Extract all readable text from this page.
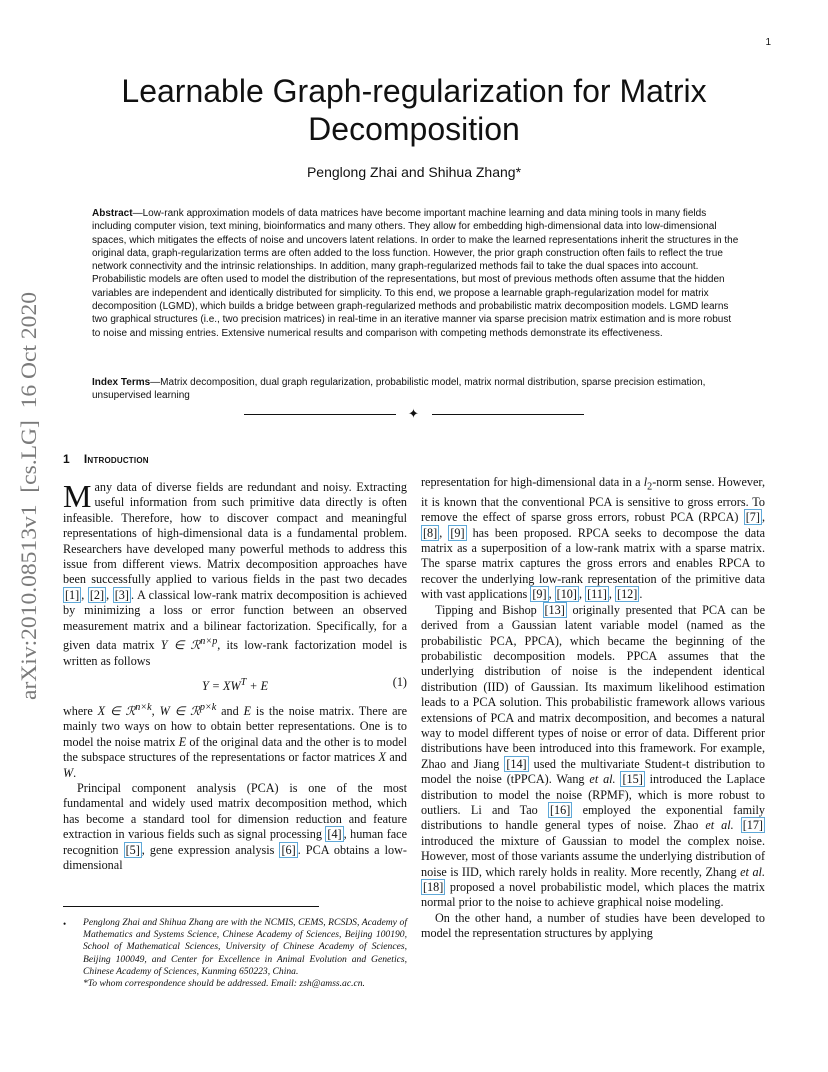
1
arXiv:2010.08513v1  [cs.LG]  16 Oct 2020
Learnable Graph-regularization for Matrix Decomposition
Penglong Zhai and Shihua Zhang*

Abstract—Low-rank approximation models of data matrices have become important machine learning and data mining tools in many fields including computer vision, text mining, bioinformatics and many others. They allow for embedding high-dimensional data into low-dimensional spaces, which mitigates the effects of noise and uncovers latent relations. In order to make the learned representations inherit the structures in the original data, graph-regularization terms are often added to the loss function. However, the prior graph construction often fails to reflect the true network connectivity and the intrinsic relationships. In addition, many graph-regularized methods fail to take the dual spaces into account. Probabilistic models are often used to model the distribution of the representations, but most of previous methods often assume that the hidden variables are independent and identically distributed for simplicity. To this end, we propose a learnable graph-regularization model for matrix decomposition (LGMD), which builds a bridge between graph-regularized methods and probabilistic matrix decomposition models. LGMD learns two graphical structures (i.e., two precision matrices) in real-time in an iterative manner via sparse precision matrix estimation and is more robust to noise and missing entries. Extensive numerical results and comparison with competing methods demonstrate its effectiveness.

Index Terms—Matrix decomposition, dual graph regularization, probabilistic model, matrix normal distribution, sparse precision estimation, unsupervised learning

✦
1 Introduction

Many data of diverse fields are redundant and noisy. Extracting useful information from such primitive data directly is often infeasible. Therefore, how to discover compact and meaningful representations of high-dimensional data is a fundamental problem. Researchers have developed many powerful methods to address this issue from different views. Matrix decomposition approaches have been successfully applied to various fields in the past two decades [1] , [2] , [3] . A classical low-rank matrix decomposition is achieved by minimizing a loss or error function between an observed measurement matrix and a bilinear factorization. Specifically, for a given data matrix Y ∈ ℛ$^{n\times p}$, its low-rank factorization model is written as follows

$Y = XW^T + E$	(1)

where X ∈ ℛ$^{n\times k}$, W ∈ ℛ$^{p\times k}$ and E is the noise matrix. There are mainly two ways on how to obtain better representations. One is to model the noise matrix E of the original data and the other is to model the subspace structures of the representations or factor matrices X and W.

Principal component analysis (PCA) is one of the most fundamental and widely used matrix decomposition method, which has become a standard tool for dimension reduction and feature extraction in various fields such as signal processing [4] , human face recognition [5] , gene expression analysis [6] . PCA obtains a low-dimensional

representation for high-dimensional data in a $l_2$-norm sense. However, it is known that the conventional PCA is sensitive to gross errors. To remove the effect of sparse gross errors, robust PCA (RPCA) [7] , [8] , [9] has been proposed. RPCA seeks to decompose the data matrix as a superposition of a low-rank matrix with a sparse matrix. The sparse matrix captures the gross errors and enables RPCA to recover the underlying low-rank representation of the primitive data with vast applications [9] , [10] , [11] , [12] .

Tipping and Bishop [13] originally presented that PCA can be derived from a Gaussian latent variable model (named as the probabilistic PCA, PPCA), which became the beginning of the probabilistic decomposition models. PPCA assumes that the underlying distribution of noise is the independent identical distribution (IID) of Gaussian. Its maximum likelihood estimation leads to a PCA solution. This probabilistic framework allows various extensions of PCA and matrix decomposition, and becomes a natural way to model different types of noise or error of data. Different prior distributions have been introduced into this framework. For example, Zhao and Jiang [14] used the multivariate Student-t distribution to model the noise (tPPCA). Wang et al. [15] introduced the Laplace distribution to model the noise (RPMF), which is more robust to outliers. Li and Tao [16] employed the exponential family distributions to handle general types of noise. Zhao et al. [17] introduced the mixture of Gaussian to model the complex noise. However, most of those variants assume the underlying distribution of noise is IID, which rarely holds in reality. More recently, Zhang et al. [18] proposed a novel probabilistic model, which places the matrix normal prior to the noise to achieve graphical noise modeling.

On the other hand, a number of studies have been developed to model the representation structures by applying

• Penglong Zhai and Shihua Zhang are with the NCMIS, CEMS, RCSDS, Academy of Mathematics and Systems Science, Chinese Academy of Sciences, Beijing 100190, School of Mathematical Sciences, University of Chinese Academy of Sciences, Beijing 100049, and Center for Excellence in Animal Evolution and Genetics, Chinese Academy of Sciences, Kunming 650223, China.

*To whom correspondence should be addressed. Email: zsh@amss.ac.cn.
